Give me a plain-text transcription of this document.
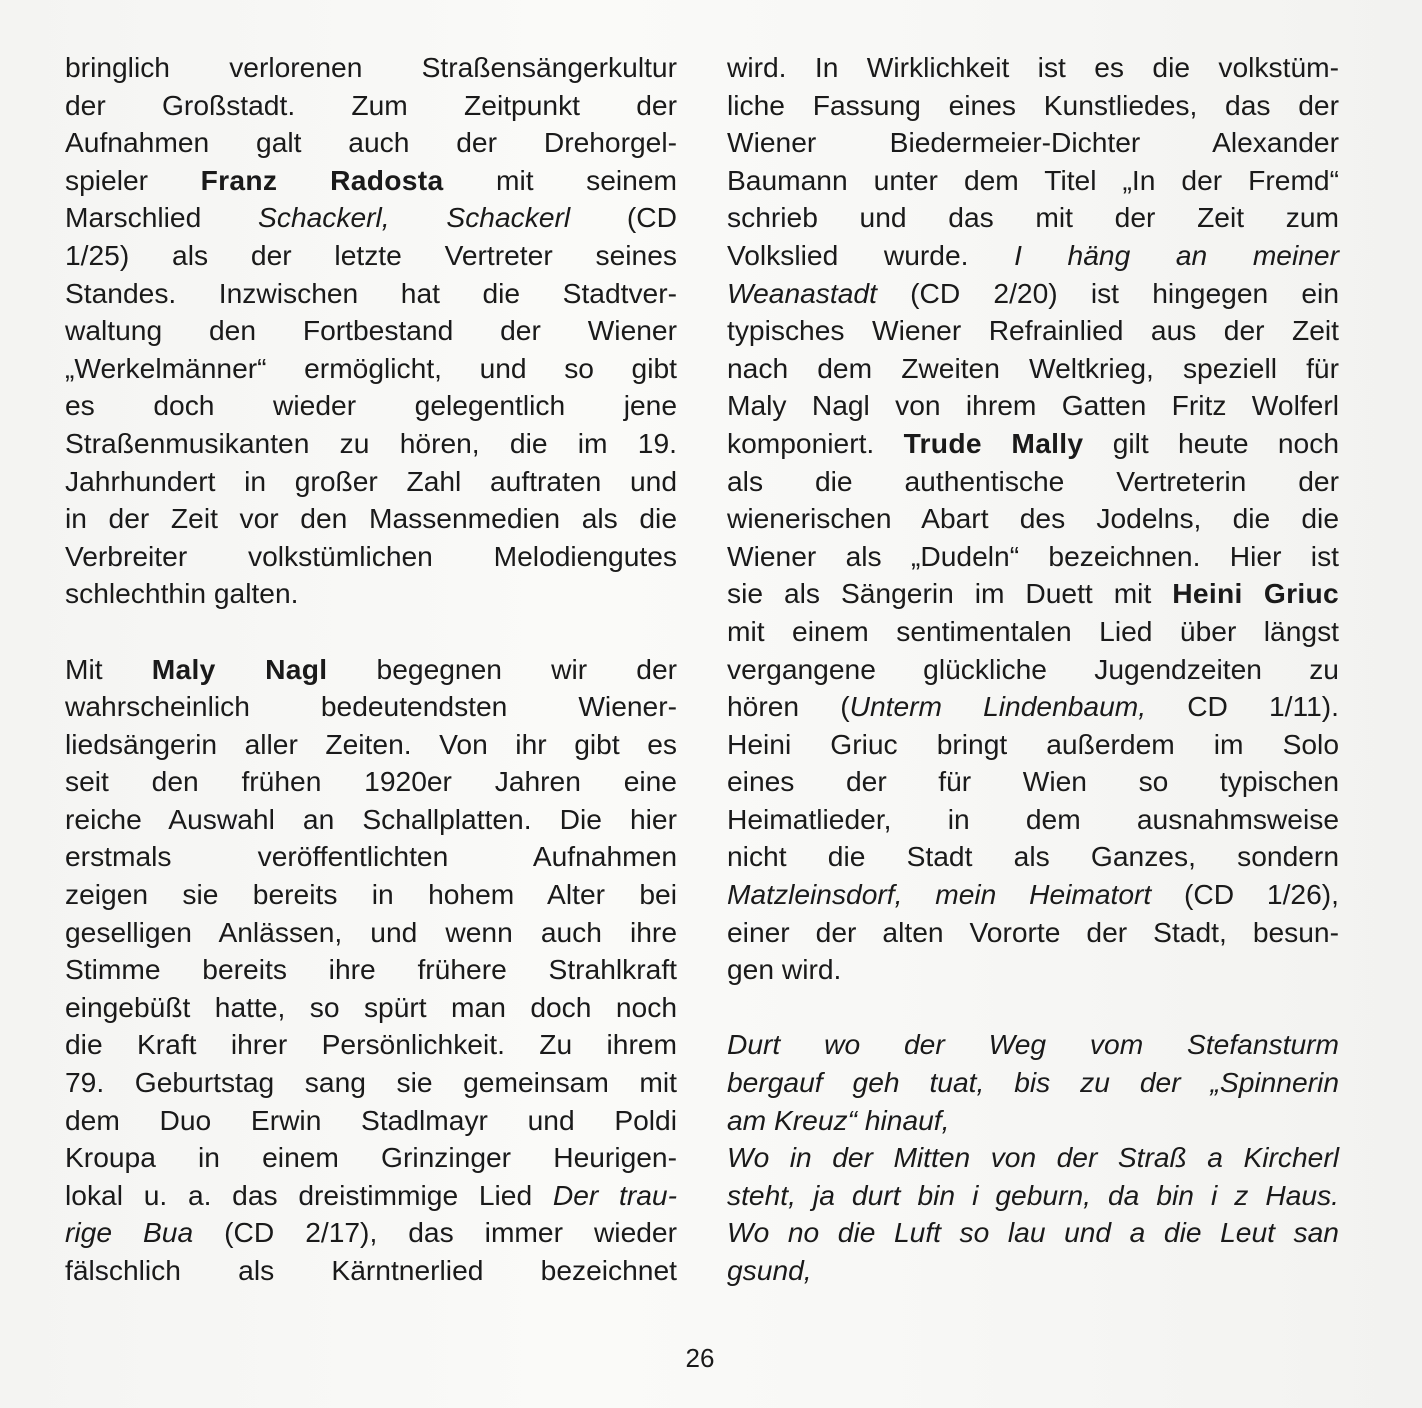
bringlich verlorenen Straßensängerkultur
der Großstadt. Zum Zeitpunkt der
Aufnahmen galt auch der Drehorgel-
spieler Franz Radosta mit seinem
Marschlied Schackerl, Schackerl (CD
1/25) als der letzte Vertreter seines
Standes. Inzwischen hat die Stadtver-
waltung den Fortbestand der Wiener
„Werkelmänner“ ermöglicht, und so gibt
es doch wieder gelegentlich jene
Straßenmusikanten zu hören, die im 19.
Jahrhundert in großer Zahl auftraten und
in der Zeit vor den Massenmedien als die
Verbreiter volkstümlichen Melodiengutes
schlechthin galten.
Mit Maly Nagl begegnen wir der
wahrscheinlich bedeutendsten Wiener-
liedsängerin aller Zeiten. Von ihr gibt es
seit den frühen 1920er Jahren eine
reiche Auswahl an Schallplatten. Die hier
erstmals veröffentlichten Aufnahmen
zeigen sie bereits in hohem Alter bei
geselligen Anlässen, und wenn auch ihre
Stimme bereits ihre frühere Strahlkraft
eingebüßt hatte, so spürt man doch noch
die Kraft ihrer Persönlichkeit. Zu ihrem
79. Geburtstag sang sie gemeinsam mit
dem Duo Erwin Stadlmayr und Poldi
Kroupa in einem Grinzinger Heurigen-
lokal u. a. das dreistimmige Lied Der trau-
rige Bua (CD 2/17), das immer wieder
fälschlich als Kärntnerlied bezeichnet
wird. In Wirklichkeit ist es die volkstüm-
liche Fassung eines Kunstliedes, das der
Wiener Biedermeier-Dichter Alexander
Baumann unter dem Titel „In der Fremd“
schrieb und das mit der Zeit zum
Volkslied wurde. I häng an meiner
Weanastadt (CD 2/20) ist hingegen ein
typisches Wiener Refrainlied aus der Zeit
nach dem Zweiten Weltkrieg, speziell für
Maly Nagl von ihrem Gatten Fritz Wolferl
komponiert. Trude Mally gilt heute noch
als die authentische Vertreterin der
wienerischen Abart des Jodelns, die die
Wiener als „Dudeln“ bezeichnen. Hier ist
sie als Sängerin im Duett mit Heini Griuc
mit einem sentimentalen Lied über längst
vergangene glückliche Jugendzeiten zu
hören (Unterm Lindenbaum, CD 1/11).
Heini Griuc bringt außerdem im Solo
eines der für Wien so typischen
Heimatlieder, in dem ausnahmsweise
nicht die Stadt als Ganzes, sondern
Matzleinsdorf, mein Heimatort (CD 1/26),
einer der alten Vororte der Stadt, besun-
gen wird.
Durt wo der Weg vom Stefansturm
bergauf geh tuat, bis zu der „Spinnerin
am Kreuz“ hinauf,
Wo in der Mitten von der Straß a Kircherl
steht, ja durt bin i geburn, da bin i z Haus.
Wo no die Luft so lau und a die Leut san
gsund,
26
